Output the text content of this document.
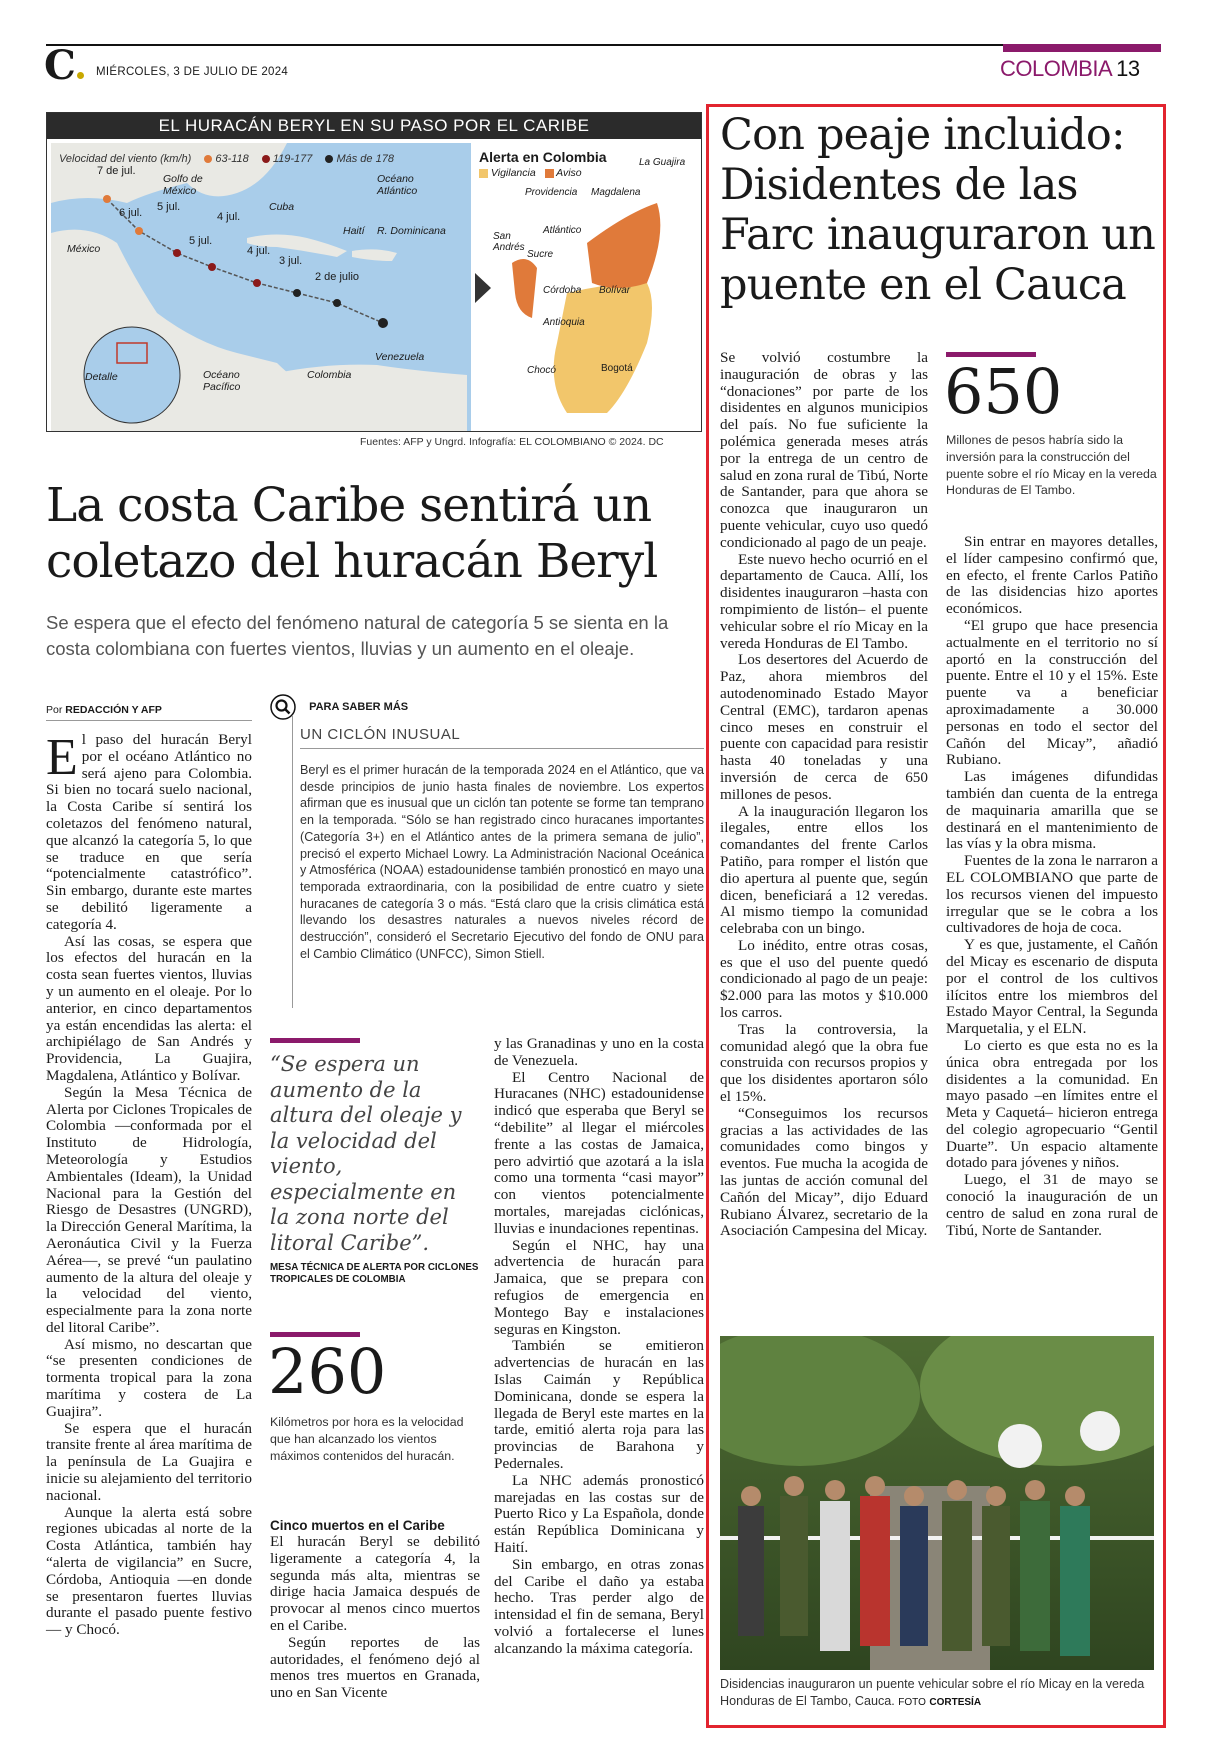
C	MIÉRCOLES, 3 DE JULIO DE 2024	COLOMBIA 13
EL HURACÁN BERYL EN SU PASO POR EL CARIBE
Velocidad del viento (km/h) 63-118 119-177 Más de 178	Alerta en Colombia
Vigilancia Aviso
7 de jul.
6 jul. 5 jul.
5 jul.
4 jul.
4 jul.
3 jul.
2 de julio
Golfo de México
Océano Atlántico
Cuba
Haití R. Dominicana
México
Venezuela
Colombia
Océano Pacífico
Detalle
La Guajira
Providencia Magdalena
San Andrés
Atlántico
Sucre
Córdoba Bolívar
Antioquia
Chocó	Bogotá
Fuentes: AFP y Ungrd. Infografía: EL COLOMBIANO © 2024. DC
La costa Caribe sentirá un coletazo del huracán Beryl
Se espera que el efecto del fenómeno natural de categoría 5 se sienta en la costa colombiana con fuertes vientos, lluvias y un aumento en el oleaje.
Por REDACCIÓN Y AFP

El paso del huracán Beryl por el océano Atlántico no será ajeno para Colombia. Si bien no tocará suelo nacional, la Costa Caribe sí sentirá los coletazos del fenómeno natural, que alcanzó la categoría 5, lo que se traduce en que sería “potencialmente catastrófico”. Sin embargo, durante este martes se debilitó ligeramente a categoría 4.

Así las cosas, se espera que los efectos del huracán en la costa sean fuertes vientos, lluvias y un aumento en el oleaje. Por lo anterior, en cinco departamentos ya están encendidas las alerta: el archipiélago de San Andrés y Providencia, La Guajira, Magdalena, Atlántico y Bolívar.

Según la Mesa Técnica de Alerta por Ciclones Tropicales de Colombia —conformada por el Instituto de Hidrología, Meteorología y Estudios Ambientales (Ideam), la Unidad Nacional para la Gestión del Riesgo de Desastres (UNGRD), la Dirección General Marítima, la Aeronáutica Civil y la Fuerza Aérea—, se prevé “un paulatino aumento de la altura del oleaje y la velocidad del viento, especialmente para la zona norte del litoral Caribe”.

Así mismo, no descartan que “se presenten condiciones de tormenta tropical para la zona marítima y costera de La Guajira”.

Se espera que el huracán transite frente al área marítima de la península de La Guajira e inicie su alejamiento del territorio nacional.

Aunque la alerta está sobre regiones ubicadas al norte de la Costa Atlántica, también hay “alerta de vigilancia” en Sucre, Córdoba, Antioquia —en donde se presentaron fuertes lluvias durante el pasado puente festivo— y Chocó.

PARA SABER MÁS
UN CICLÓN INUSUAL
Beryl es el primer huracán de la temporada 2024 en el Atlántico, que va desde principios de junio hasta finales de noviembre. Los expertos afirman que es inusual que un ciclón tan potente se forme tan temprano en la temporada. “Sólo se han registrado cinco huracanes importantes (Categoría 3+) en el Atlántico antes de la primera semana de julio”, precisó el experto Michael Lowry. La Administración Nacional Oceánica y Atmosférica (NOAA) estadounidense también pronosticó en mayo una temporada extraordinaria, con la posibilidad de entre cuatro y siete huracanes de categoría 3 o más. “Está claro que la crisis climática está llevando los desastres naturales a nuevos niveles récord de destrucción”, consideró el Secretario Ejecutivo del fondo de ONU para el Cambio Climático (UNFCC), Simon Stiell.
“Se espera un aumento de la altura del oleaje y la velocidad del viento, especialmente en la zona norte del litoral Caribe”.
MESA TÉCNICA DE ALERTA POR CICLONES TROPICALES DE COLOMBIA
260
Kilómetros por hora es la velocidad que han alcanzado los vientos máximos contenidos del huracán.

Cinco muertos en el Caribe

El huracán Beryl se debilitó ligeramente a categoría 4, la segunda más alta, mientras se dirige hacia Jamaica después de provocar al menos cinco muertos en el Caribe.

Según reportes de las autoridades, el fenómeno dejó al menos tres muertos en Granada, uno en San Vicente

y las Granadinas y uno en la costa de Venezuela.

El Centro Nacional de Huracanes (NHC) estadounidense indicó que esperaba que Beryl se “debilite” al llegar el miércoles frente a las costas de Jamaica, pero advirtió que azotará a la isla como una tormenta “casi mayor” con vientos potencialmente mortales, marejadas ciclónicas, lluvias e inundaciones repentinas.

Según el NHC, hay una advertencia de huracán para Jamaica, que se prepara con refugios de emergencia en Montego Bay e instalaciones seguras en Kingston.

También se emitieron advertencias de huracán en las Islas Caimán y República Dominicana, donde se espera la llegada de Beryl este martes en la tarde, emitió alerta roja para las provincias de Barahona y Pedernales.

La NHC además pronosticó marejadas en las costas sur de Puerto Rico y La Española, donde están República Dominicana y Haití.

Sin embargo, en otras zonas del Caribe el daño ya estaba hecho. Tras perder algo de intensidad el fin de semana, Beryl volvió a fortalecerse el lunes alcanzando la máxima categoría.

Con peaje incluido: Disidentes de las Farc inauguraron un puente en el Cauca

Se volvió costumbre la inauguración de obras y las “donaciones” por parte de los disidentes en algunos municipios del país. No fue suficiente la polémica generada meses atrás por la entrega de un centro de salud en zona rural de Tibú, Norte de Santander, para que ahora se conozca que inauguraron un puente vehicular, cuyo uso quedó condicionado al pago de un peaje.

Este nuevo hecho ocurrió en el departamento de Cauca. Allí, los disidentes inauguraron –hasta con rompimiento de listón– el puente vehicular sobre el río Micay en la vereda Honduras de El Tambo.

Los desertores del Acuerdo de Paz, ahora miembros del autodenominado Estado Mayor Central (EMC), tardaron apenas cinco meses en construir el puente con capacidad para resistir hasta 40 toneladas y una inversión de cerca de 650 millones de pesos.

A la inauguración llegaron los ilegales, entre ellos los comandantes del frente Carlos Patiño, para romper el listón que dio apertura al puente que, según dicen, beneficiará a 12 veredas. Al mismo tiempo la comunidad celebraba con un bingo.

Lo inédito, entre otras cosas, es que el uso del puente quedó condicionado al pago de un peaje: $2.000 para las motos y $10.000 los carros.

Tras la controversia, la comunidad alegó que la obra fue construida con recursos propios y que los disidentes aportaron sólo el 15%.

“Conseguimos los recursos gracias a las actividades de las comunidades como bingos y eventos. Fue mucha la acogida de las juntas de acción comunal del Cañón del Micay”, dijo Eduard Rubiano Álvarez, secretario de la Asociación Campesina del Micay.

650
Millones de pesos habría sido la inversión para la construcción del puente sobre el río Micay en la vereda Honduras de El Tambo.

Sin entrar en mayores detalles, el líder campesino confirmó que, en efecto, el frente Carlos Patiño de las disidencias hizo aportes económicos.

“El grupo que hace presencia actualmente en el territorio no sí aportó en la construcción del puente. Entre el 10 y el 15%. Este puente va a beneficiar aproximadamente a 30.000 personas en todo el sector del Cañón del Micay”, añadió Rubiano.

Las imágenes difundidas también dan cuenta de la entrega de maquinaria amarilla que se destinará en el mantenimiento de las vías y la obra misma.

Fuentes de la zona le narraron a EL COLOMBIANO que parte de los recursos vienen del impuesto irregular que se le cobra a los cultivadores de hoja de coca.

Y es que, justamente, el Cañón del Micay es escenario de disputa por el control de los cultivos ilícitos entre los miembros del Estado Mayor Central, la Segunda Marquetalia, y el ELN.

Lo cierto es que esta no es la única obra entregada por los disidentes a la comunidad. En mayo pasado –en límites entre el Meta y Caquetá– hicieron entrega del colegio agropecuario “Gentil Duarte”. Un espacio altamente dotado para jóvenes y niños.

Luego, el 31 de mayo se conoció la inauguración de un centro de salud en zona rural de Tibú, Norte de Santander.

Disidencias inauguraron un puente vehicular sobre el río Micay en la vereda Honduras de El Tambo, Cauca. FOTO CORTESÍA
